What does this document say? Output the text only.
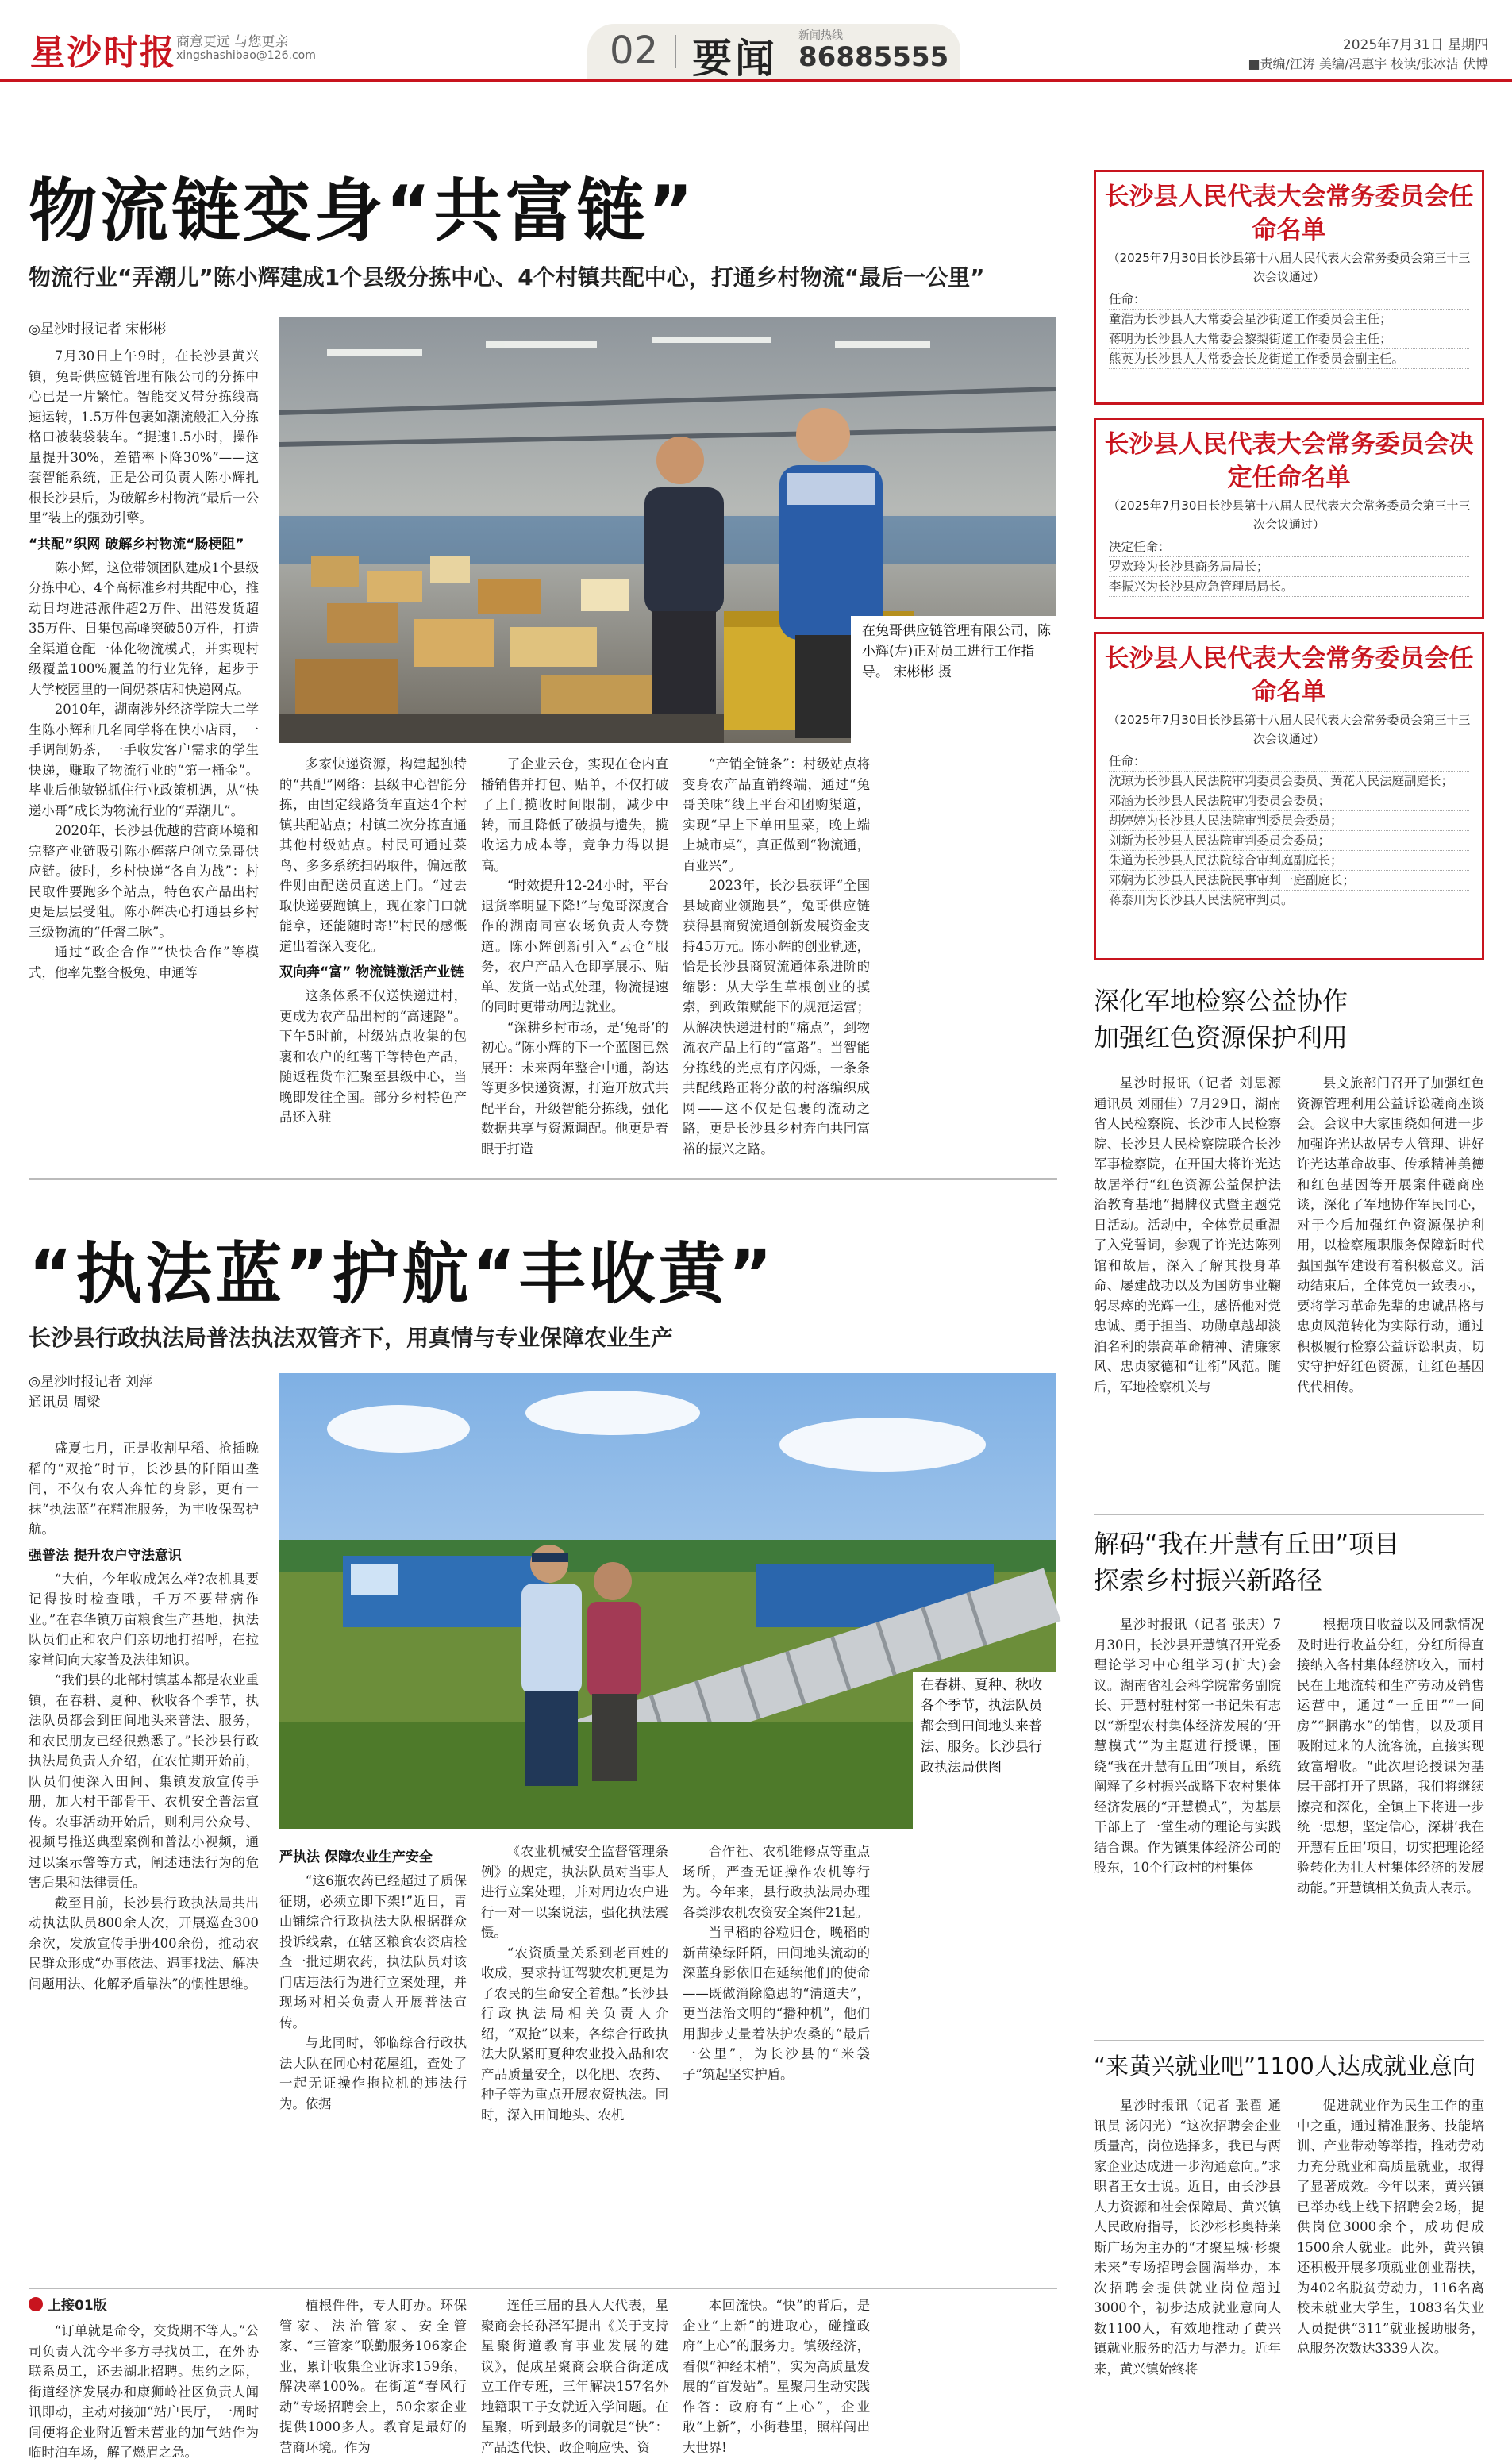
星沙时报 商意更远 与您更亲
xingshashibao@126.com	02 要闻 新闻热线
86885555	2025年7月31日 星期四
■责编/江涛 美编/冯惠宇 校读/张冰洁 伏博
物流链变身“共富链”
物流行业“弄潮儿”陈小辉建成1个县级分拣中心、4个村镇共配中心，打通乡村物流“最后一公里”
◎星沙时报记者 宋彬彬

7月30日上午9时，在长沙县黄兴镇，兔哥供应链管理有限公司的分拣中心已是一片繁忙。智能交叉带分拣线高速运转，1.5万件包裹如潮流般汇入分拣格口被装袋装车。“提速1.5小时，操作量提升30%，差错率下降30%”——这套智能系统，正是公司负责人陈小辉扎根长沙县后，为破解乡村物流“最后一公里”装上的强劲引擎。

“共配”织网 破解乡村物流“肠梗阻”

陈小辉，这位带领团队建成1个县级分拣中心、4个高标准乡村共配中心，推动日均进港派件超2万件、出港发货超35万件、日集包高峰突破50万件，打造全渠道仓配一体化物流模式，并实现村级覆盖100%履盖的行业先锋，起步于大学校园里的一间奶茶店和快递网点。

2010年，湖南涉外经济学院大二学生陈小辉和几名同学将在快小店雨，一手调制奶茶，一手收发客户需求的学生快递，赚取了物流行业的“第一桶金”。毕业后他敏锐抓住行业政策机遇，从“快递小哥”成长为物流行业的“弄潮儿”。

2020年，长沙县优越的营商环境和完整产业链吸引陈小辉落户创立兔哥供应链。彼时，乡村快递“各自为战”：村民取件要跑多个站点，特色农产品出村更是层层受阻。陈小辉决心打通县乡村三级物流的“任督二脉”。

通过“政企合作”“快快合作”等模式，他率先整合极兔、申通等

在兔哥供应链管理有限公司，陈小辉(左)正对员工进行工作指导。 宋彬彬 摄

多家快递资源，构建起独特的“共配”网络：县级中心智能分拣，由固定线路货车直达4个村镇共配站点；村镇二次分拣直通其他村级站点。村民可通过菜鸟、多多系统扫码取件，偏远散件则由配送员直送上门。“过去取快递要跑镇上，现在家门口就能拿，还能随时寄!”村民的感慨道出着深入变化。

双向奔“富” 物流链激活产业链

这条体系不仅送快递进村，更成为农产品出村的“高速路”。下午5时前，村级站点收集的包裹和农户的红薯干等特色产品，随返程货车汇聚至县级中心，当晚即发往全国。部分乡村特色产品还入驻

了企业云仓，实现在仓内直播销售并打包、贴单，不仅打破了上门揽收时间限制，减少中转，而且降低了破损与遗失，揽收运力成本等，竞争力得以提高。

“时效提升12-24小时，平台退货率明显下降!”与兔哥深度合作的湖南同富农场负责人夸赞道。陈小辉创新引入“云仓”服务，农户产品入仓即享展示、贴单、发货一站式处理，物流提速的同时更带动周边就业。

“深耕乡村市场，是‘兔哥’的初心。”陈小辉的下一个蓝图已然展开：未来两年整合中通，韵达等更多快递资源，打造开放式共配平台，升级智能分拣线，强化数据共享与资源调配。他更是着眼于打造

“产销全链条”：村级站点将变身农产品直销终端，通过“兔哥美味”线上平台和团购渠道，实现“早上下单田里菜，晚上端上城市桌”，真正做到“物流通，百业兴”。

2023年，长沙县获评“全国县域商业领跑县”，兔哥供应链获得县商贸流通创新发展资金支持45万元。陈小辉的创业轨迹，恰是长沙县商贸流通体系进阶的缩影：从大学生草根创业的摸索，到政策赋能下的规范运营；从解决快递进村的“痛点”，到物流农产品上行的“富路”。当智能分拣线的光点有序闪烁，一条条共配线路正将分散的村落编织成网——这不仅是包裹的流动之路，更是长沙县乡村奔向共同富裕的振兴之路。

“执法蓝”护航“丰收黄”
长沙县行政执法局普法执法双管齐下，用真情与专业保障农业生产
◎星沙时报记者 刘萍
通讯员 周梁

盛夏七月，正是收割早稻、抢插晚稻的“双抢”时节，长沙县的阡陌田垄间，不仅有农人奔忙的身影，更有一抹“执法蓝”在精准服务，为丰收保驾护航。

强普法 提升农户守法意识

“大伯，今年收成怎么样?农机具要记得按时检查哦，千万不要带病作业。”在春华镇万亩粮食生产基地，执法队员们正和农户们亲切地打招呼，在拉家常间向大家普及法律知识。

“我们县的北部村镇基本都是农业重镇，在春耕、夏种、秋收各个季节，执法队员都会到田间地头来普法、服务，和农民朋友已经很熟悉了。”长沙县行政执法局负责人介绍，在农忙期开始前，队员们便深入田间、集镇发放宣传手册，加大村干部骨干、农机安全普法宣传。农事活动开始后，则利用公众号、视频号推送典型案例和普法小视频，通过以案示警等方式，阐述违法行为的危害后果和法律责任。

截至目前，长沙县行政执法局共出动执法队员800余人次，开展巡查300余次，发放宣传手册400余份，推动农民群众形成“办事依法、遇事找法、解决问题用法、化解矛盾靠法”的惯性思维。

在春耕、夏种、秋收各个季节，执法队员都会到田间地头来普法、服务。长沙县行政执法局供图
严执法 保障农业生产安全

“这6瓶农药已经超过了质保征期，必须立即下架!”近日，青山铺综合行政执法大队根据群众投诉线索，在辖区粮食农资店检查一批过期农药，执法队员对该门店违法行为进行立案处理，并现场对相关负责人开展普法宣传。

与此同时，邻临综合行政执法大队在同心村花屋组，查处了一起无证操作拖拉机的违法行为。依据

《农业机械安全监督管理条例》的规定，执法队员对当事人进行立案处理，并对周边农户进行一对一以案说法，强化执法震慑。

“农资质量关系到老百姓的收成，要求持证驾驶农机更是为了农民的生命安全着想。”长沙县行政执法局相关负责人介绍，“双抢”以来，各综合行政执法大队紧盯夏种农业投入品和农产品质量安全，以化肥、农药、种子等为重点开展农资执法。同时，深入田间地头、农机

合作社、农机维修点等重点场所，严查无证操作农机等行为。今年来，县行政执法局办理各类涉农机农资安全案件21起。

当早稻的谷粒归仓，晚稻的新苗染绿阡陌，田间地头流动的深蓝身影依旧在延续他们的使命——既做消除隐患的“清道夫”，更当法治文明的“播种机”，他们用脚步丈量着法护农桑的“最后一公里”，为长沙县的“米袋子”筑起坚实护盾。

上接01版

“订单就是命令，交货期不等人。”公司负责人沈今平多方寻找员工，在外协联系员工，还去湖北招聘。焦约之际，街道经济发展办和康狮岭社区负责人闻讯即动，主动对接加“站户民厅，一周时间便将企业附近暂未营业的加气站作为临时泊车场，解了燃眉之急。

植根件件，专人盯办。环保管家、法治管家、安全管家、“三管家”联勤服务106家企业，累计收集企业诉求159条，解决率100%。在街道“春风行动”专场招聘会上，50余家企业提供1000多人。教育是最好的营商环境。作为

连任三届的县人大代表，星聚商会长孙泽军提出《关于支持星聚街道教育事业发展的建议》，促成星聚商会联合街道成立工作专班，三年解决157名外地籍职工子女就近入学问题。在星聚，听到最多的词就是“快”：产品迭代快、政企响应快、资

本回流快。“快”的背后，是企业“上新”的进取心，碰撞政府“上心”的服务力。镇级经济，看似“神经末梢”，实为高质量发展的“首发站”。星聚用生动实践作答：政府有“上心”，企业敢“上新”，小街巷里，照样闯出大世界!

长沙县人民代表大会常务委员会任命名单
（2025年7月30日长沙县第十八届人民代表大会常务委员会第三十三次会议通过）
任命：
童浩为长沙县人大常委会星沙街道工作委员会主任；
蒋明为长沙县人大常委会黎梨街道工作委员会主任；
熊英为长沙县人大常委会长龙街道工作委员会副主任。
长沙县人民代表大会常务委员会决定任命名单
（2025年7月30日长沙县第十八届人民代表大会常务委员会第三十三次会议通过）
决定任命：
罗欢玲为长沙县商务局局长；
李振兴为长沙县应急管理局局长。
长沙县人民代表大会常务委员会任命名单
（2025年7月30日长沙县第十八届人民代表大会常务委员会第三十三次会议通过）
任命：
沈琼为长沙县人民法院审判委员会委员、黄花人民法庭副庭长；
邓涵为长沙县人民法院审判委员会委员；
胡婷婷为长沙县人民法院审判委员会委员；
刘新为长沙县人民法院审判委员会委员；
朱道为长沙县人民法院综合审判庭副庭长；
邓娴为长沙县人民法院民事审判一庭副庭长；
蒋泰川为长沙县人民法院审判员。
深化军地检察公益协作
加强红色资源保护利用

星沙时报讯（记者 刘思源 通讯员 刘丽佳）7月29日，湖南省人民检察院、长沙市人民检察院、长沙县人民检察院联合长沙军事检察院，在开国大将许光达故居举行“红色资源公益保护法治教育基地”揭牌仪式暨主题党日活动。活动中，全体党员重温了入党誓词，参观了许光达陈列馆和故居，深入了解其投身革命、屡建战功以及为国防事业鞠躬尽瘁的光辉一生，感悟他对党忠诚、勇于担当、功勋卓越却淡泊名利的崇高革命精神、清廉家风、忠贞家德和“让衔”风范。随后，军地检察机关与

县文旅部门召开了加强红色资源管理利用公益诉讼磋商座谈会。会议中大家围绕如何进一步加强许光达故居专人管理、讲好许光达革命故事、传承精神美德和红色基因等开展案件磋商座谈，深化了军地协作军民同心，对于今后加强红色资源保护利用，以检察履职服务保障新时代强国强军建设有着积极意义。活动结束后，全体党员一致表示，要将学习革命先辈的忠诚品格与忠贞风范转化为实际行动，通过积极履行检察公益诉讼职责，切实守护好红色资源，让红色基因代代相传。

解码“我在开慧有丘田”项目
探索乡村振兴新路径

星沙时报讯（记者 张庆）7月30日，长沙县开慧镇召开党委理论学习中心组学习(扩大)会议。湖南省社会科学院常务副院长、开慧村驻村第一书记朱有志以“新型农村集体经济发展的‘开慧模式’”为主题进行授课，围绕“我在开慧有丘田”项目，系统阐释了乡村振兴战略下农村集体经济发展的“开慧模式”，为基层干部上了一堂生动的理论与实践结合课。作为镇集体经济公司的股东，10个行政村的村集体

根据项目收益以及同款情况及时进行收益分红，分红所得直接纳入各村集体经济收入，而村民在土地流转和生产劳动及销售运营中，通过“一丘田”“一间房”“捆鹃水”的销售，以及项目吸附过来的人流客流，直接实现致富增收。“此次理论授课为基层干部打开了思路，我们将继续擦亮和深化，全镇上下将进一步统一思想，坚定信心，深耕‘我在开慧有丘田’项目，切实把理论经验转化为壮大村集体经济的发展动能。”开慧镇相关负责人表示。

“来黄兴就业吧”1100人达成就业意向

星沙时报讯（记者 张翟 通讯员 汤闪光）“这次招聘会企业质量高，岗位选择多，我已与两家企业达成进一步沟通意向。”求职者王女士说。近日，由长沙县人力资源和社会保障局、黄兴镇人民政府指导，长沙杉杉奥特莱斯广场为主办的“才聚星城·杉聚未来”专场招聘会圆满举办，本次招聘会提供就业岗位超过3000个，初步达成就业意向人数1100人，有效地推动了黄兴镇就业服务的活力与潜力。近年来，黄兴镇始终将

促进就业作为民生工作的重中之重，通过精准服务、技能培训、产业带动等举措，推动劳动力充分就业和高质量就业，取得了显著成效。今年以来，黄兴镇已举办线上线下招聘会2场，提供岗位3000余个，成功促成1500余人就业。此外，黄兴镇还积极开展多项就业创业帮扶，为402名脱贫劳动力，116名离校未就业大学生，1083名失业人员提供“311”就业援助服务，总服务次数达3339人次。
